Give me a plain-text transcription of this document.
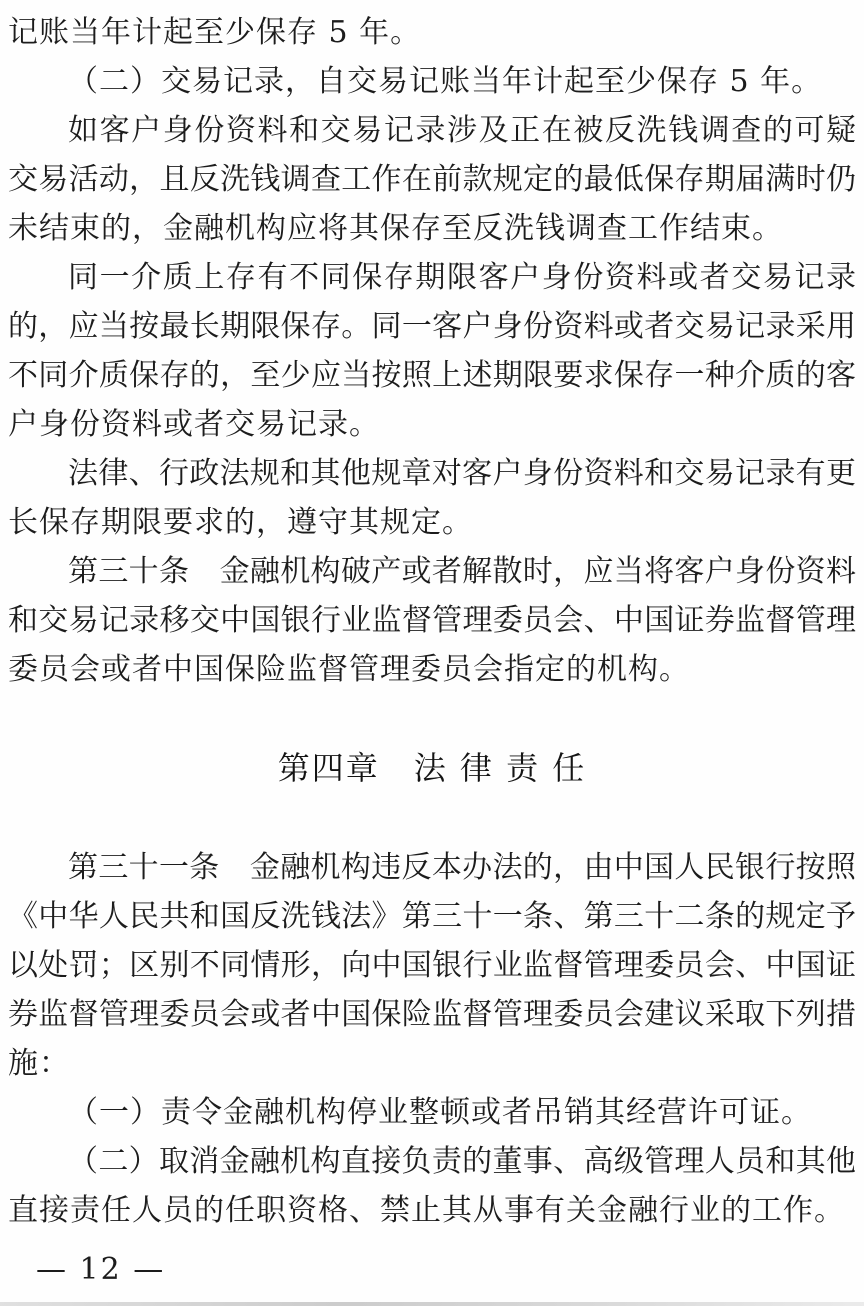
记账当年计起至少保存 5 年。
（二）交易记录，自交易记账当年计起至少保存 5 年。
如客户身份资料和交易记录涉及正在被反洗钱调查的可疑
交易活动，且反洗钱调查工作在前款规定的最低保存期届满时仍
未结束的，金融机构应将其保存至反洗钱调查工作结束。
同一介质上存有不同保存期限客户身份资料或者交易记录
的，应当按最长期限保存。同一客户身份资料或者交易记录采用
不同介质保存的，至少应当按照上述期限要求保存一种介质的客
户身份资料或者交易记录。
法律、行政法规和其他规章对客户身份资料和交易记录有更
长保存期限要求的，遵守其规定。
第三十条　金融机构破产或者解散时，应当将客户身份资料
和交易记录移交中国银行业监督管理委员会、中国证券监督管理
委员会或者中国保险监督管理委员会指定的机构。
第四章　法 律 责 任
第三十一条　金融机构违反本办法的，由中国人民银行按照
《中华人民共和国反洗钱法》第三十一条、第三十二条的规定予
以处罚；区别不同情形，向中国银行业监督管理委员会、中国证
券监督管理委员会或者中国保险监督管理委员会建议采取下列措
施：
（一）责令金融机构停业整顿或者吊销其经营许可证。
（二）取消金融机构直接负责的董事、高级管理人员和其他
直接责任人员的任职资格、禁止其从事有关金融行业的工作。
— 12 —
